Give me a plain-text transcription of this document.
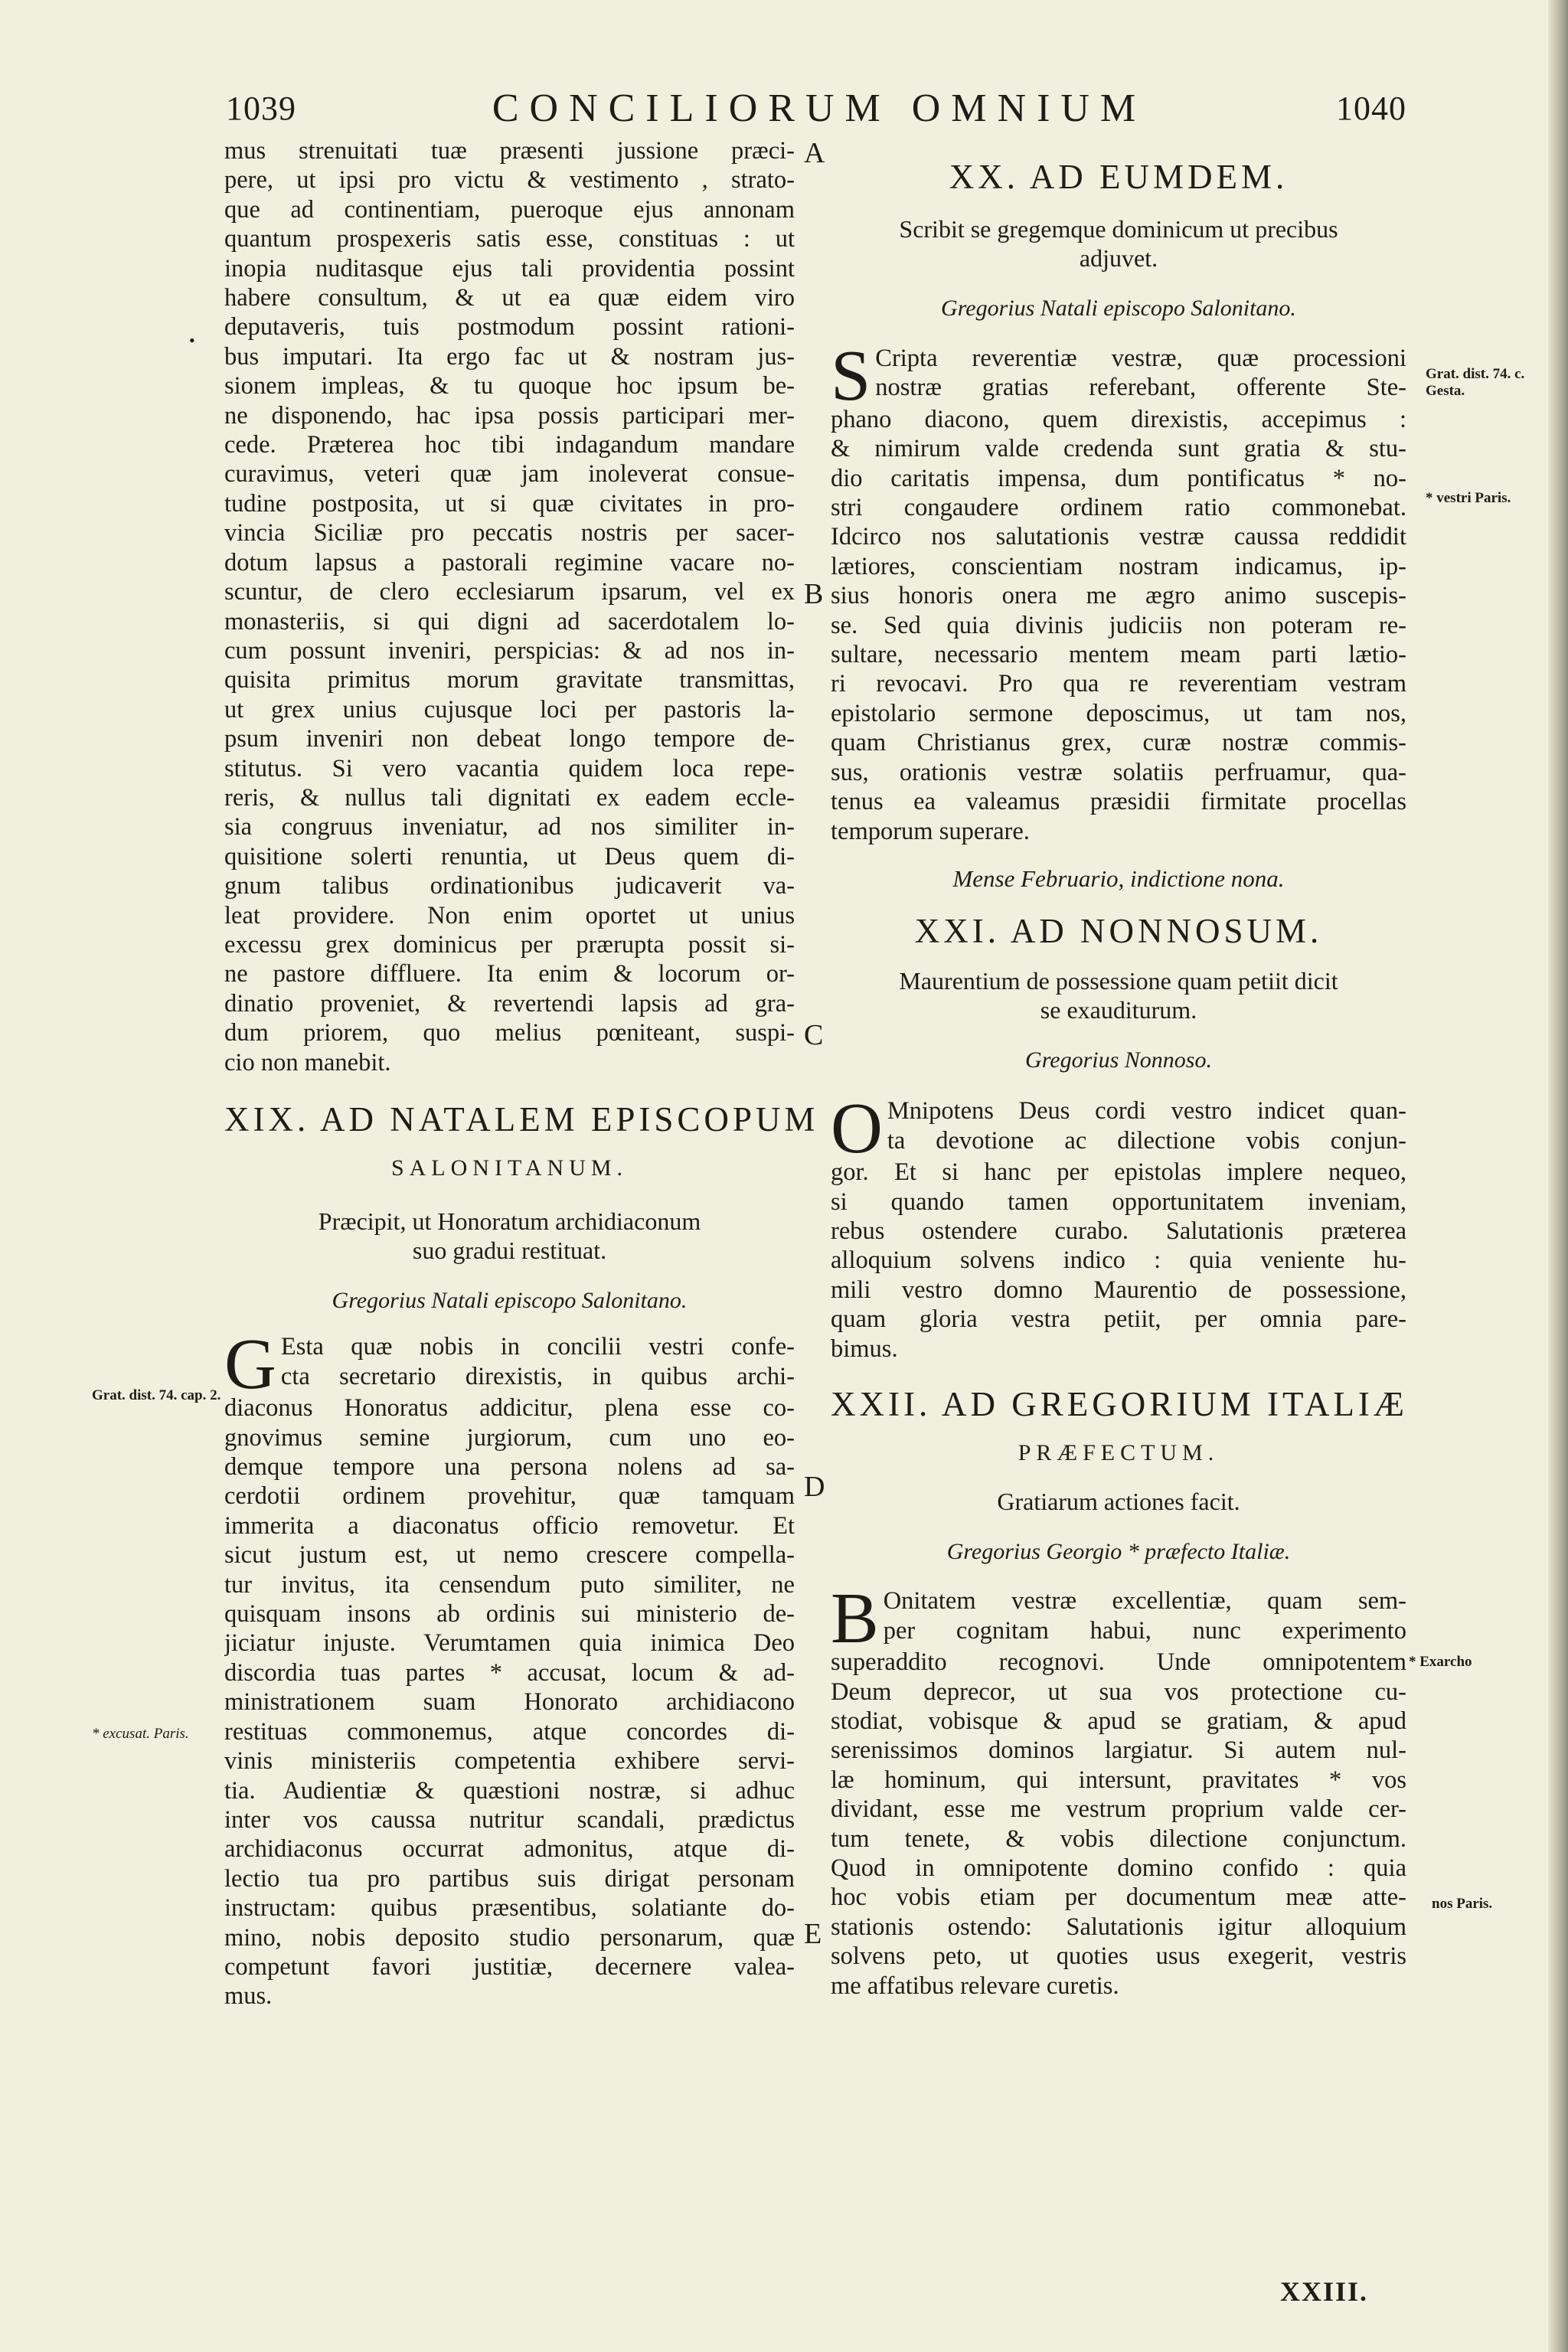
1039	CONCILIORUM OMNIUM	1040
•
mus strenuitati tuæ præsenti jussione præci-
pere, ut ipsi pro victu & vestimento , strato-
que ad continentiam, pueroque ejus annonam
quantum prospexeris satis esse, constituas : ut
inopia nuditasque ejus tali providentia possint
habere consultum, & ut ea quæ eidem viro
deputaveris, tuis postmodum possint rationi-
bus imputari. Ita ergo fac ut & nostram jus-
sionem impleas, & tu quoque hoc ipsum be-
ne disponendo, hac ipsa possis participari mer-
cede. Præterea hoc tibi indagandum mandare
curavimus, veteri quæ jam inoleverat consue-
tudine postposita, ut si quæ civitates in pro-
vincia Siciliæ pro peccatis nostris per sacer-
dotum lapsus a pastorali regimine vacare no-
scuntur, de clero ecclesiarum ipsarum, vel ex
monasteriis, si qui digni ad sacerdotalem lo-
cum possunt inveniri, perspicias: & ad nos in-
quisita primitus morum gravitate transmittas,
ut grex unius cujusque loci per pastoris la-
psum inveniri non debeat longo tempore de-
stitutus. Si vero vacantia quidem loca repe-
reris, & nullus tali dignitati ex eadem eccle-
sia congruus inveniatur, ad nos similiter in-
quisitione solerti renuntia, ut Deus quem di-
gnum talibus ordinationibus judicaverit va-
leat providere. Non enim oportet ut unius
excessu grex dominicus per prærupta possit si-
ne pastore diffluere. Ita enim & locorum or-
dinatio proveniet, & revertendi lapsis ad gra-
dum priorem, quo melius pœniteant, suspi-
cio non manebit.
XIX. AD NATALEM EPISCOPUM
SALONITANUM.
Præcipit, ut Honoratum archidiaconum
suo gradui restituat.
Gregorius Natali episcopo Salonitano.
G Esta quæ nobis in concilii vestri confe-
cta secretario direxistis, in quibus archi-
diaconus Honoratus addicitur, plena esse co-
gnovimus semine jurgiorum, cum uno eo-
demque tempore una persona nolens ad sa-
cerdotii ordinem provehitur, quæ tamquam
immerita a diaconatus officio removetur. Et
sicut justum est, ut nemo crescere compella-
tur invitus, ita censendum puto similiter, ne
quisquam insons ab ordinis sui ministerio de-
jiciatur injuste. Verumtamen quia inimica Deo
discordia tuas partes * accusat, locum & ad-
ministrationem suam Honorato archidiacono
restituas commonemus, atque concordes di-
vinis ministeriis competentia exhibere servi-
tia. Audientiæ & quæstioni nostræ, si adhuc
inter vos caussa nutritur scandali, prædictus
archidiaconus occurrat admonitus, atque di-
lectio tua pro partibus suis dirigat personam
instructam: quibus præsentibus, solatiante do-
mino, nobis deposito studio personarum, quæ
competunt favori justitiæ, decernere valea-
mus.
XX. AD EUMDEM.
Scribit se gregemque dominicum ut precibus
adjuvet.
Gregorius Natali episcopo Salonitano.
S Cripta reverentiæ vestræ, quæ processioni
nostræ gratias referebant, offerente Ste-
phano diacono, quem direxistis, accepimus :
& nimirum valde credenda sunt gratia & stu-
dio caritatis impensa, dum pontificatus * no-
stri congaudere ordinem ratio commonebat.
Idcirco nos salutationis vestræ caussa reddidit
lætiores, conscientiam nostram indicamus, ip-
sius honoris onera me ægro animo suscepis-
se. Sed quia divinis judiciis non poteram re-
sultare, necessario mentem meam parti lætio-
ri revocavi. Pro qua re reverentiam vestram
epistolario sermone deposcimus, ut tam nos,
quam Christianus grex, curæ nostræ commis-
sus, orationis vestræ solatiis perfruamur, qua-
tenus ea valeamus præsidii firmitate procellas
temporum superare.
Mense Februario, indictione nona.
XXI. AD NONNOSUM.
Maurentium de possessione quam petiit dicit
se exauditurum.
Gregorius Nonnoso.
O Mnipotens Deus cordi vestro indicet quan-
ta devotione ac dilectione vobis conjun-
gor. Et si hanc per epistolas implere nequeo,
si quando tamen opportunitatem inveniam,
rebus ostendere curabo. Salutationis præterea
alloquium solvens indico : quia veniente hu-
mili vestro domno Maurentio de possessione,
quam gloria vestra petiit, per omnia pare-
bimus.
XXII. AD GREGORIUM ITALIÆ
PRÆFECTUM.
Gratiarum actiones facit.
Gregorius Georgio * præfecto Italiæ.
B Onitatem vestræ excellentiæ, quam sem-
per cognitam habui, nunc experimento
superaddito recognovi. Unde omnipotentem
Deum deprecor, ut sua vos protectione cu-
stodiat, vobisque & apud se gratiam, & apud
serenissimos dominos largiatur. Si autem nul-
læ hominum, qui intersunt, pravitates * vos
dividant, esse me vestrum proprium valde cer-
tum tenete, & vobis dilectione conjunctum.
Quod in omnipotente domino confido : quia
hoc vobis etiam per documentum meæ atte-
stationis ostendo: Salutationis igitur alloquium
solvens peto, ut quoties usus exegerit, vestris
me affatibus relevare curetis.
A
B
C
D
E
Grat. dist. 74. cap. 2.
* excusat. Paris.
Grat. dist. 74. c. Gesta.
* vestri Paris.
* Exarcho
nos Paris.
XXIII.
